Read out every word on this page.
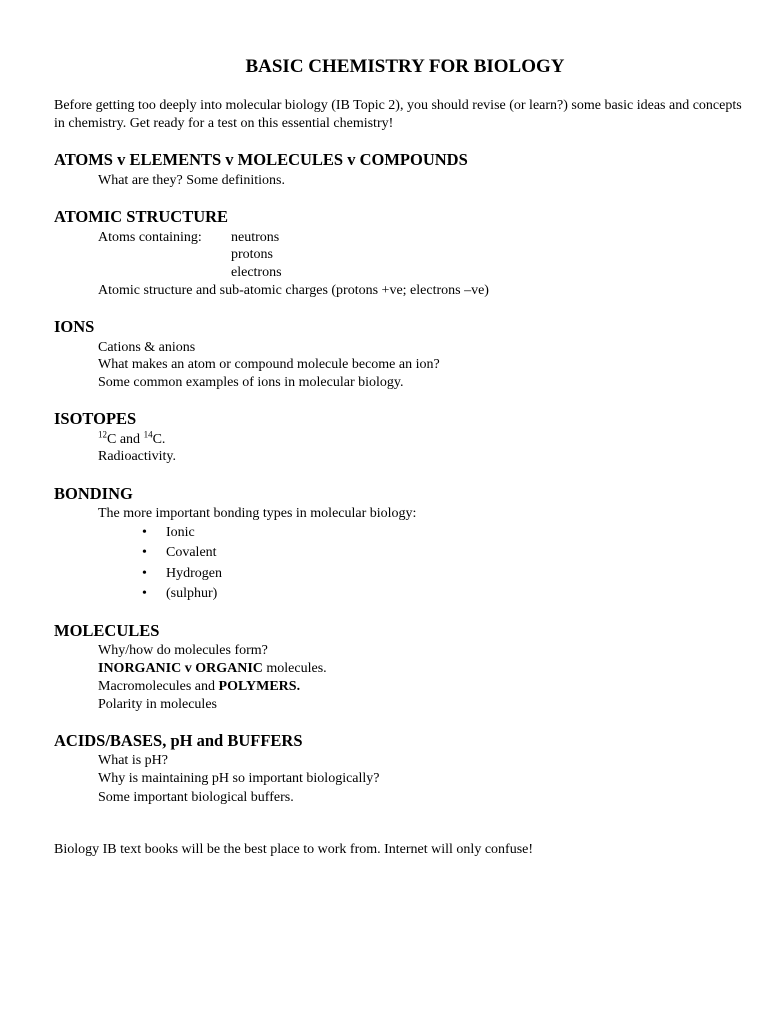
BASIC CHEMISTRY FOR BIOLOGY

Before getting too deeply into molecular biology (IB Topic 2), you should revise (or learn?) some basic ideas and concepts in chemistry. Get ready for a test on this essential chemistry!

ATOMS v ELEMENTS v MOLECULES v COMPOUNDS

What are they? Some definitions.

ATOMIC STRUCTURE

Atoms containing: neutrons

protons

electrons

Atomic structure and sub-atomic charges (protons +ve; electrons –ve)

IONS

Cations & anions

What makes an atom or compound molecule become an ion?

Some common examples of ions in molecular biology.

ISOTOPES

$^{12}$C and $^{14}$C.

Radioactivity.

BONDING

The more important bonding types in molecular biology:

• Ionic

• Covalent

• Hydrogen

• (sulphur)

MOLECULES

Why/how do molecules form?

INORGANIC v ORGANIC molecules.

Macromolecules and POLYMERS.

Polarity in molecules

ACIDS/BASES, pH and BUFFERS

What is pH?

Why is maintaining pH so important biologically?

Some important biological buffers.

Biology IB text books will be the best place to work from. Internet will only confuse!
